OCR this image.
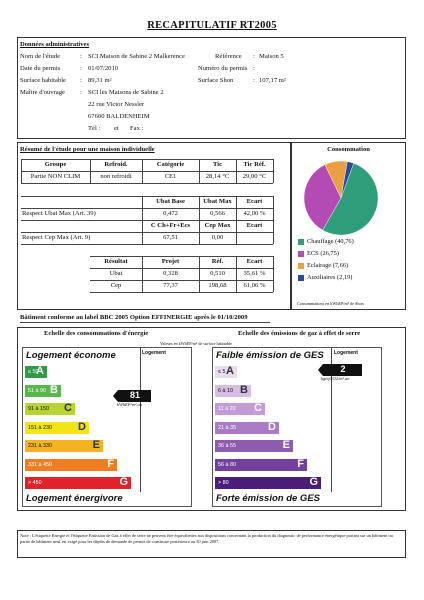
RECAPITULATIF RT2005
Données administratives
Nom de l'étude	: SCI Maison de Sabine 2 Malkerence
Date du permis	: 01/07/2010
Surface habitable : 89,31 m²
Maître d'ouvrage : SCI les Maisons de Sabine 2
22 rue Victor Nessler
67600 BALDENHEIM
Tél : et Fax :
Référence : Maison 5
Numéro du permis :
Surface Shon	: 107,17 m²
Résumé de l'étude pour une maison individuelle
Groupe	Refroid.	Catégorie	Tic	Tic Réf.
Partie NON CLIM	non refroidi	CE1	28,14 °C	29,00 °C
Ubat Base	Ubat Max	Ecart
Respect Ubat Max (Art. 39)	0,472	0,566	42,00 %
C Ch+Fr+Ecs	Cep Max	Ecart
Respect Cep Max (Art. 9)	67,51	0,00
Résultat	Projet	Réf.	Ecart
Ubat	0,328	0,510	35,61 %
Cep	77,37	198,68	61,06 %
Consommation
Chauffage (40,76)
ECS (26,75)
Eclairage (7,66)
Auxiliaires (2,19)
Consommations en kWhEP/m² de Shon
Bâtiment conforme au label BBC 2005 Option EFFINERGIE après le 01/10/2009
Echelle des consommations d'énergie	Echelle des émissions de gaz à effet de serre
Valeurs en kWhEP/m² de surface habitable
Logement économe	Logement
≤ 50
A
51 à 90 B
91 à 150 C
151 à 230 D
231 à 330	E
331 à 450	F
> 450	G
81
kWhEP/m².an
Logement énergivore
Faible émission de GES Logement
≤ 5 A
6 à 10 B
11 à 20 C
21 à 35	D
36 à 55	E
56 à 80	F
> 80	G
2
kgéqCO2/m².an
Forte émission de GES
Note : L'étiquette Energie et l'étiquette Emission de Gaz à effet de serre ne peuvent être équivalentes aux dispositions concernant la production du diagnostic de performance énergétique portant sur un bâtiment ou partie de bâtiment neuf est exigé pour les dépôts de demande de permis de construire postérieure au 30 juin 2007.
